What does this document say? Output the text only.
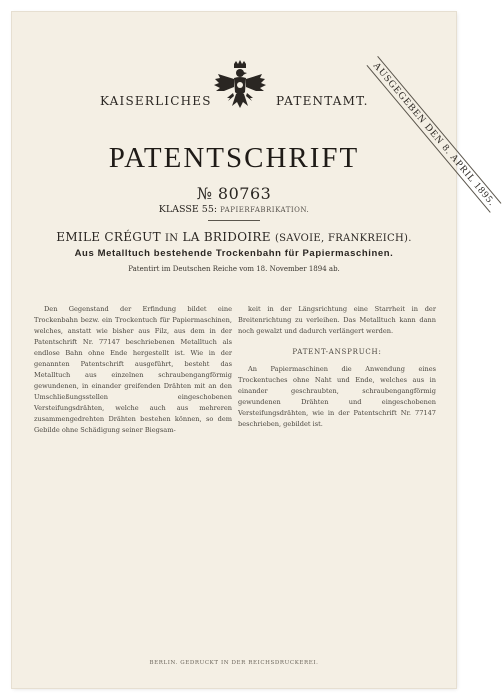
KAISERLICHES	PATENTAMT. AUSGEGEBEN DEN 8. APRIL 1895.
PATENTSCHRIFT
№ 80763
KLASSE 55: PAPIERFABRIKATION.
EMILE CRÉGUT IN LA BRIDOIRE (SAVOIE, FRANKREICH).
Aus Metalltuch bestehende Trockenbahn für Papiermaschinen.
Patentirt im Deutschen Reiche vom 18. November 1894 ab.

Den Gegenstand der Erfindung bildet eine Trockenbahn bezw. ein Trockentuch für Papiermaschinen, welches, anstatt wie bisher aus Filz, aus dem in der Patentschrift Nr. 77147 beschriebenen Metalltuch als endlose Bahn ohne Ende hergestellt ist. Wie in der genannten Patentschrift ausgeführt, besteht das Metalltuch aus einzelnen schraubengangförmig gewundenen, in einander greifenden Drähten mit an den Umschließungsstellen eingeschobenen Versteifungsdrähten, welche auch aus mehreren zusammengedrehten Drähten bestehen können, so dem Gebilde ohne Schädigung seiner Biegsam-

keit in der Längsrichtung eine Starrheit in der Breitenrichtung zu verleihen. Das Metalltuch kann dann noch gewalzt und dadurch verlängert werden.

PATENT-ANSPRUCH:

An Papiermaschinen die Anwendung eines Trockentuches ohne Naht und Ende, welches aus in einander geschraubten, schraubengangförmig gewundenen Drähten und eingeschobenen Versteifungsdrähten, wie in der Patentschrift Nr. 77147 beschrieben, gebildet ist.

BERLIN. GEDRUCKT IN DER REICHSDRUCKEREI.
